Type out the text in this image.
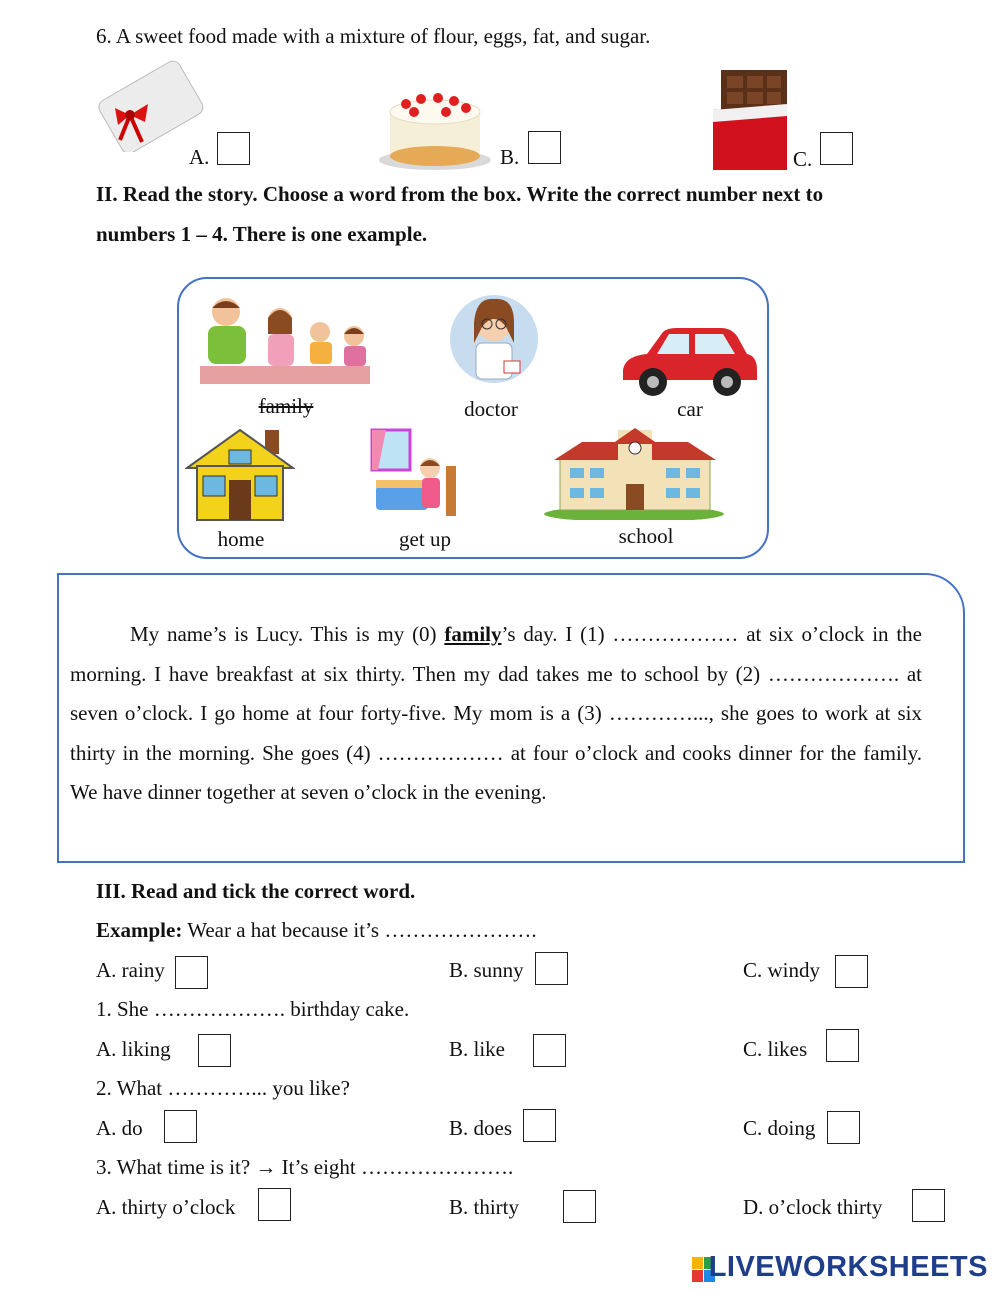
6. A sweet food made with a mixture of flour, eggs, fat, and sugar.
A.	B.	C.
II. Read the story. Choose a word from the box. Write the correct number next to
numbers 1 – 4. There is one example.
family	doctor	car
home	get up	school
My name’s is Lucy. This is my (0) family’s day. I (1) ……………… at six o’clock in the morning. I have breakfast at six thirty. Then my dad takes me to school by (2) ………………. at seven o’clock. I go home at four forty-five. My mom is a (3) …………..., she goes to work at six thirty in the morning. She goes (4) ……………… at four o’clock and cooks dinner for the family. We have dinner together at seven o’clock in the evening.
III. Read and tick the correct word.
Example: Wear a hat because it’s ………………….
A. rainy	B. sunny	C. windy
1. She ………………. birthday cake.
A. liking	B. like	C. likes
2. What …………... you like?
A. do	B. does	C. doing
3. What time is it? → It’s eight ………………….
A. thirty o’clock	B. thirty	D. o’clock thirty
LIVEWORKSHEETS
